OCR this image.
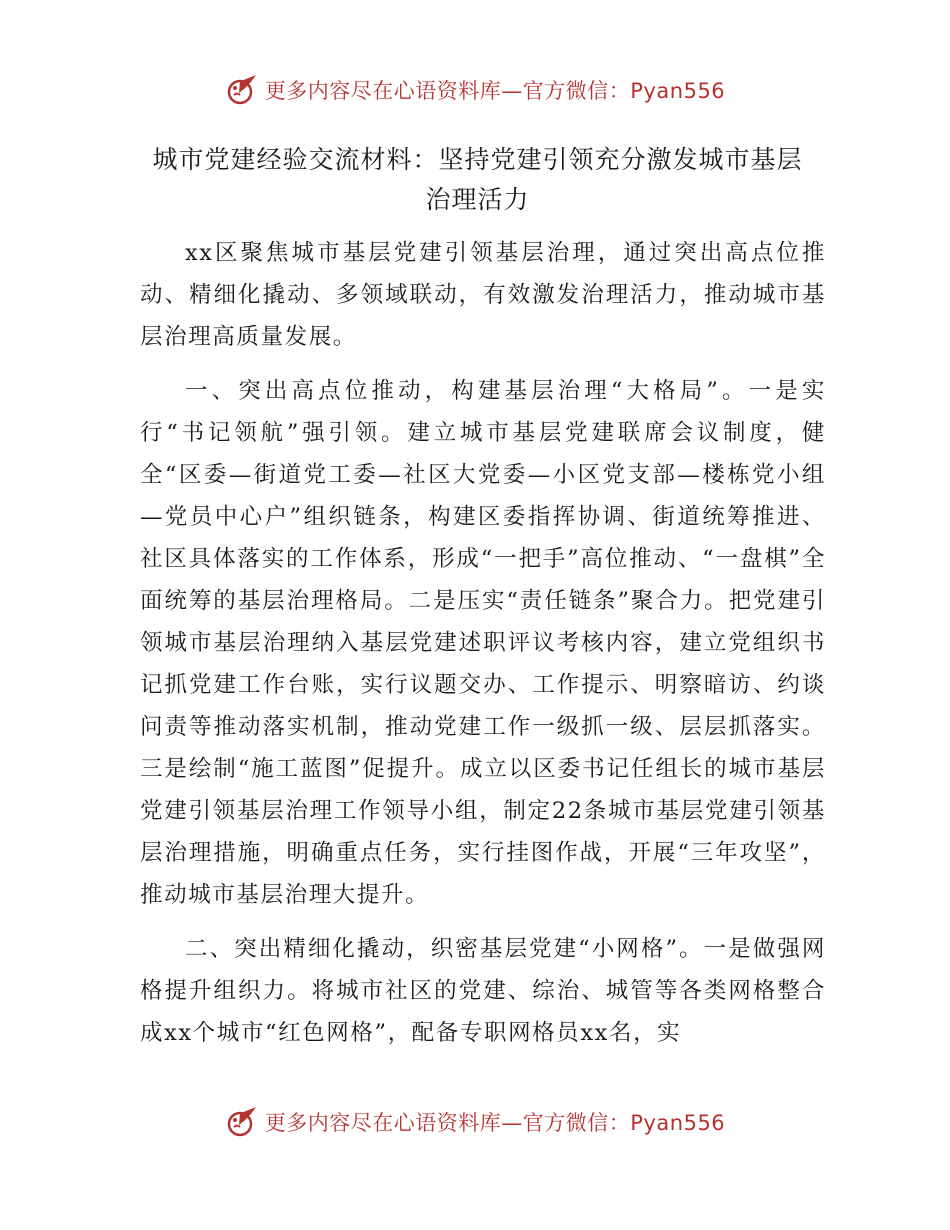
更多内容尽在心语资料库—官方微信：Pyan556
城市党建经验交流材料：坚持党建引领充分激发城市基层治理活力

xx区聚焦城市基层党建引领基层治理，通过突出高点位推动、精细化撬动、多领域联动，有效激发治理活力，推动城市基层治理高质量发展。

一、突出高点位推动，构建基层治理“大格局”。一是实行“书记领航”强引领。建立城市基层党建联席会议制度，健全“区委—街道党工委—社区大党委—小区党支部—楼栋党小组—党员中心户”组织链条，构建区委指挥协调、街道统筹推进、社区具体落实的工作体系，形成“一把手”高位推动、“一盘棋”全面统筹的基层治理格局。二是压实“责任链条”聚合力。把党建引领城市基层治理纳入基层党建述职评议考核内容，建立党组织书记抓党建工作台账，实行议题交办、工作提示、明察暗访、约谈问责等推动落实机制，推动党建工作一级抓一级、层层抓落实。三是绘制“施工蓝图”促提升。成立以区委书记任组长的城市基层党建引领基层治理工作领导小组，制定22条城市基层党建引领基层治理措施，明确重点任务，实行挂图作战，开展“三年攻坚”，推动城市基层治理大提升。

二、突出精细化撬动，织密基层党建“小网格”。一是做强网格提升组织力。将城市社区的党建、综治、城管等各类网格整合成xx个城市“红色网格”，配备专职网格员xx名，实

更多内容尽在心语资料库—官方微信：Pyan556
